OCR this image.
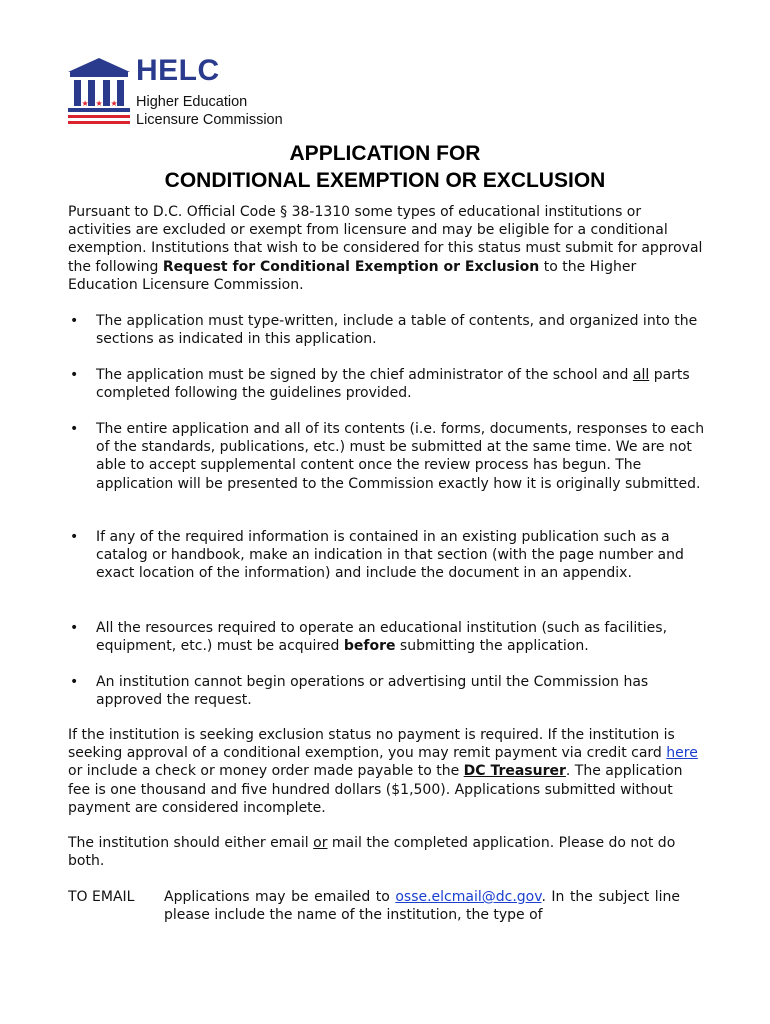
★ ★ ★
HELC
Higher Education
Licensure Commission
APPLICATION FOR
CONDITIONAL EXEMPTION OR EXCLUSION

Pursuant to D.C. Official Code § 38-1310 some types of educational institutions or activities are excluded or exempt from licensure and may be eligible for a conditional exemption. Institutions that wish to be considered for this status must submit for approval the following Request for Conditional Exemption or Exclusion to the Higher Education Licensure Commission.

• The application must type-written, include a table of contents, and organized into the sections as indicated in this application.
• The application must be signed by the chief administrator of the school and all parts completed following the guidelines provided.
• The entire application and all of its contents (i.e. forms, documents, responses to each of the standards, publications, etc.) must be submitted at the same time. We are not able to accept supplemental content once the review process has begun. The application will be presented to the Commission exactly how it is originally submitted.
• If any of the required information is contained in an existing publication such as a catalog or handbook, make an indication in that section (with the page number and exact location of the information) and include the document in an appendix.
• All the resources required to operate an educational institution (such as facilities, equipment, etc.) must be acquired before submitting the application.
• An institution cannot begin operations or advertising until the Commission has approved the request.

If the institution is seeking exclusion status no payment is required. If the institution is seeking approval of a conditional exemption, you may remit payment via credit card here or include a check or money order made payable to the DC Treasurer. The application fee is one thousand and five hundred dollars ($1,500). Applications submitted without payment are considered incomplete.

The institution should either email or mail the completed application. Please do not do both.

TO EMAIL Applications may be emailed to osse.elcmail@dc.gov. In the subject line please include the name of the institution, the type of
